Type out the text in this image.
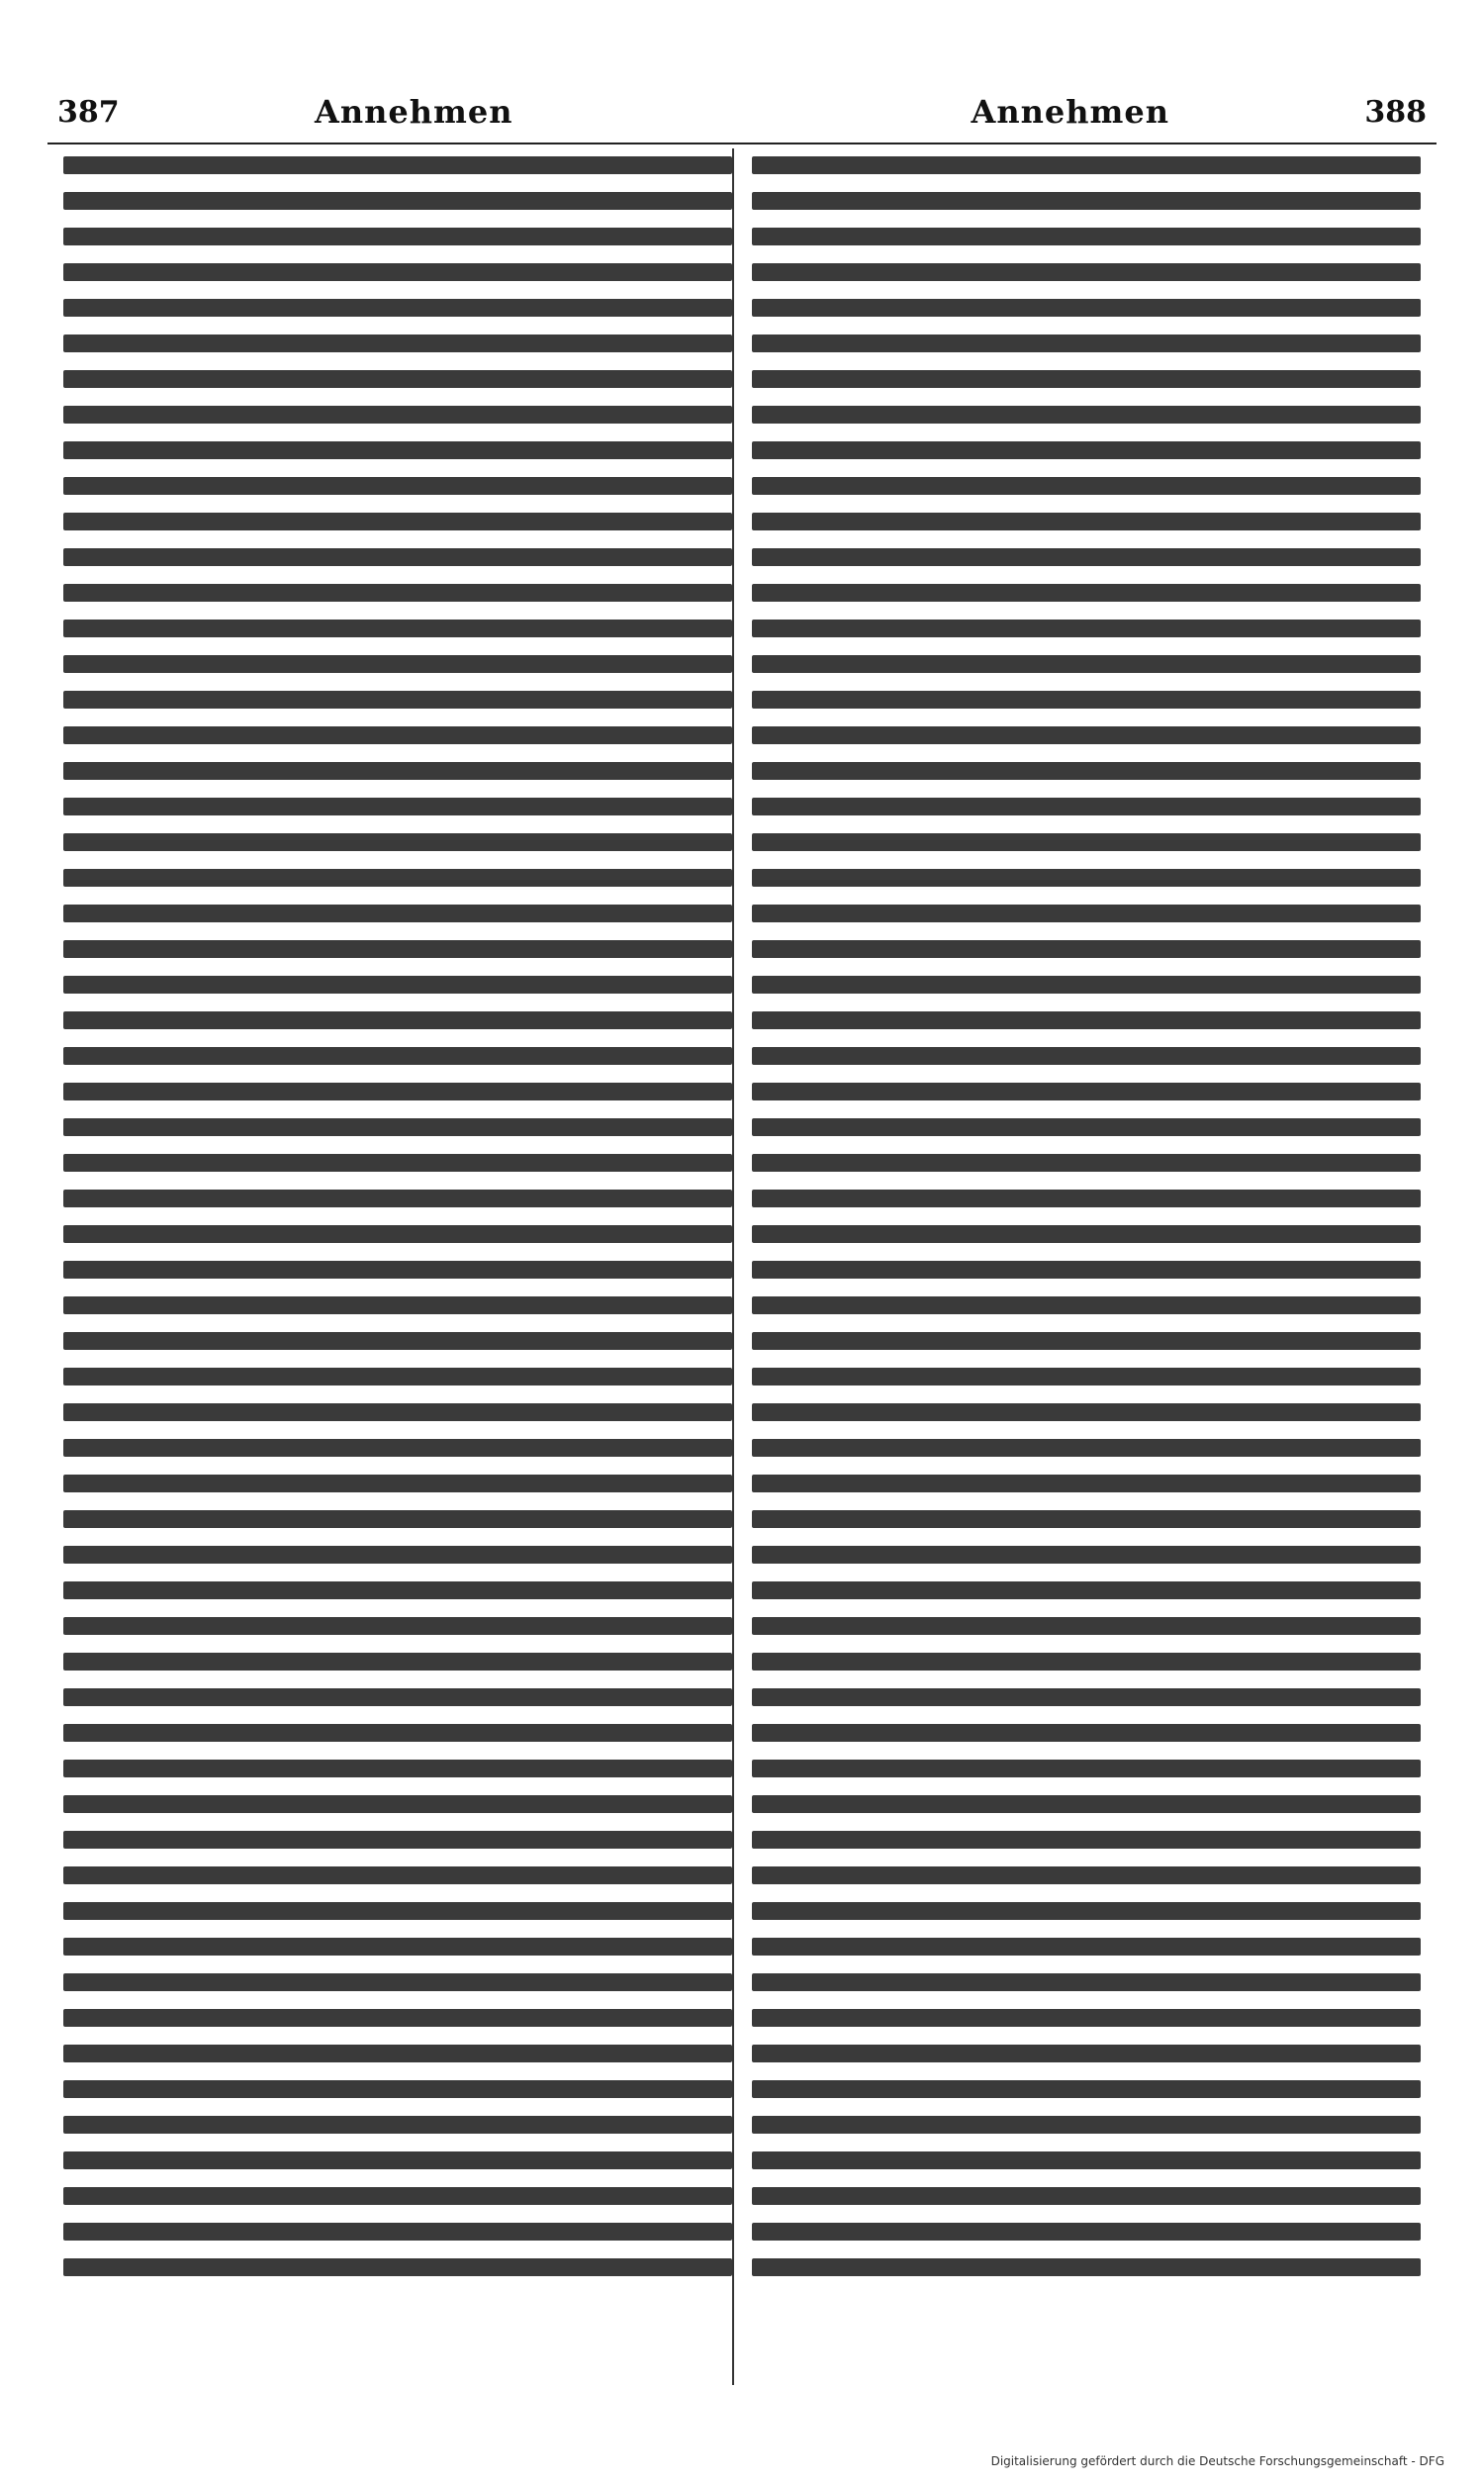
387	Annehmen	Annehmen	388
Digitalisierung gefördert durch die Deutsche Forschungsgemeinschaft - DFG
